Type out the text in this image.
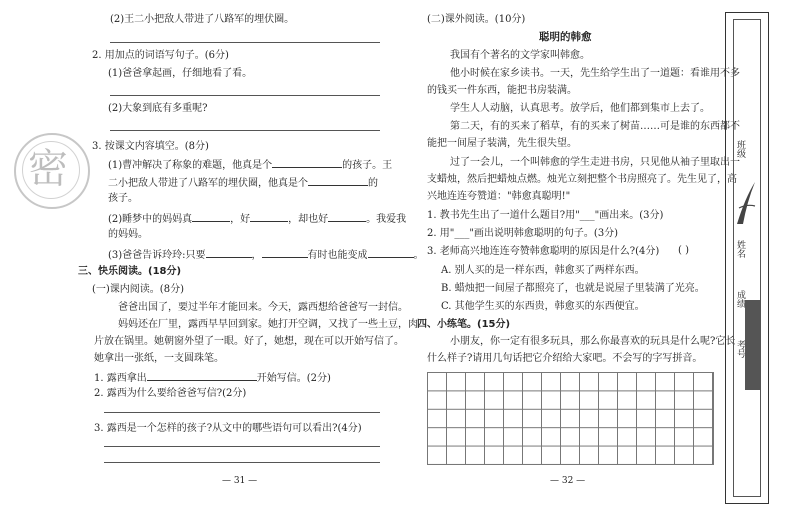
(2)王二小把敌人带进了八路军的埋伏圈。
2. 用加点的词语写句子。(6分)
(1)爸爸拿起画，仔细地看了看。
(2)大象到底有多重呢?
3. 按课文内容填空。(8分)
(1)曹冲解决了称象的难题，他真是个	的孩子。王
二小把敌人带进了八路军的埋伏圈，他真是个	的
孩子。
(2)睡梦中的妈妈真	，好	，却也好	。我爱我
的妈妈。
(3)爸爸告诉玲玲:只要	，	有时也能变成	。
三、快乐阅读。(18分)
(一)课内阅读。(8分)
爸爸出国了，要过半年才能回来。今天，露西想给爸爸写一封信。
妈妈还在厂里，露西早早回到家。她打开空调，又找了一些土豆，肉
片放在锅里。她朝窗外望了一眼。好了，她想，现在可以开始写信了。
她拿出一张纸，一支圆珠笔。
1. 露西拿出	开始写信。(2分)
2. 露西为什么要给爸爸写信?(2分)
3. 露西是一个怎样的孩子?从文中的哪些语句可以看出?(4分)
— 31 —
密
(二)课外阅读。(10分)
聪明的韩愈
我国有个著名的文学家叫韩愈。
他小时候在家乡读书。一天，先生给学生出了一道题：看谁用不多
的钱买一件东西，能把书房装满。
学生人人动脑，认真思考。放学后，他们都到集市上去了。
第二天，有的买来了稻草，有的买来了树苗……可是谁的东西都不
能把一间屋子装满，先生很失望。
过了一会儿，一个叫韩愈的学生走进书房，只见他从袖子里取出一
支蜡烛，然后把蜡烛点燃。烛光立刻把整个书房照亮了。先生见了，高
兴地连连夸赞道："韩愈真聪明!"
1. 教书先生出了一道什么题目?用"___"画出来。(3分)
2. 用"___"画出说明韩愈聪明的句子。(3分)
3. 老师高兴地连连夸赞韩愈聪明的原因是什么?(4分) ( )
A. 别人买的是一样东西，韩愈买了两样东西。
B. 蜡烛把一间屋子都照亮了，也就是说屋子里装满了光亮。
C. 其他学生买的东西贵，韩愈买的东西便宜。
四、小练笔。(15分)
小朋友，你一定有很多玩具，那么你最喜欢的玩具是什么呢?它长
什么样子?请用几句话把它介绍给大家吧。不会写的字写拼音。
— 32 —
班级
姓名
成绩
考号
